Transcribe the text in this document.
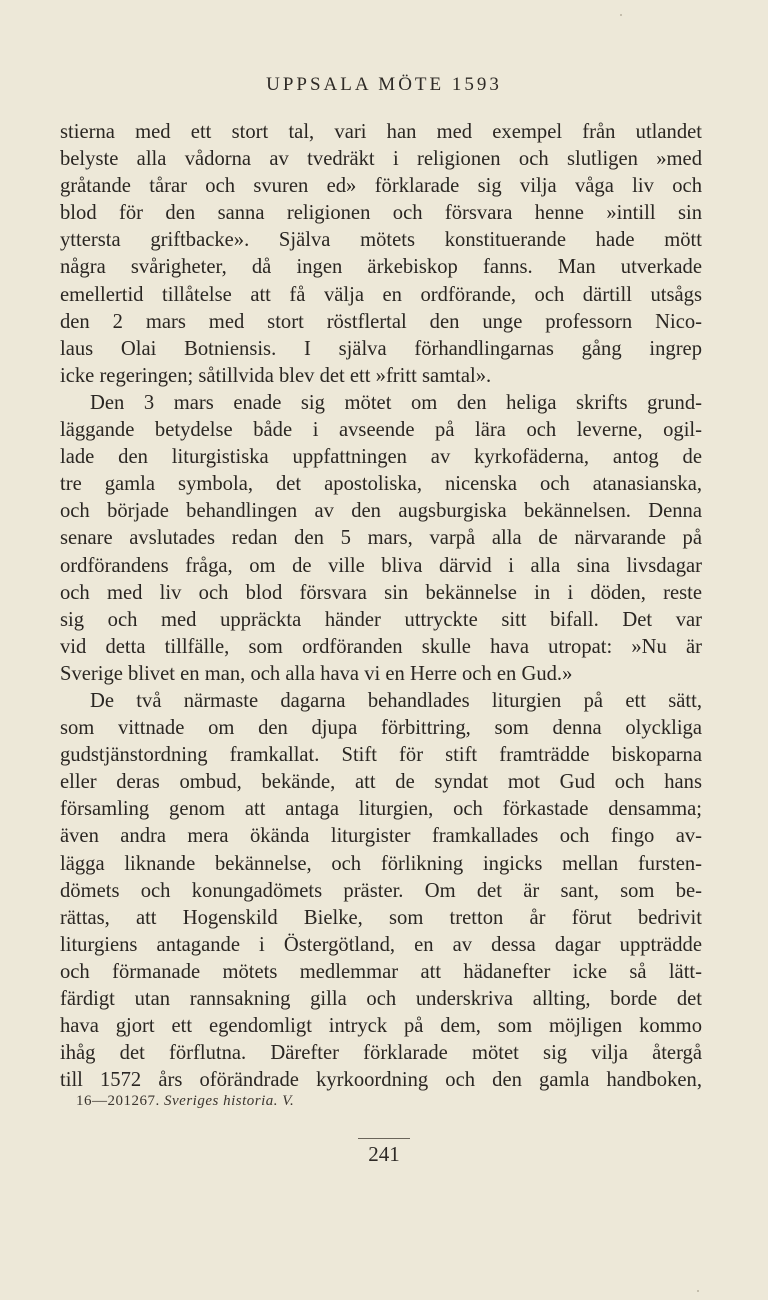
UPPSALA MÖTE 1593
stierna med ett stort tal, vari han med exempel från utlandet
belyste alla vådorna av tvedräkt i religionen och slutligen »med
gråtande tårar och svuren ed» förklarade sig vilja våga liv och
blod för den sanna religionen och försvara henne »intill sin
yttersta griftbacke». Själva mötets konstituerande hade mött
några svårigheter, då ingen ärkebiskop fanns. Man utverkade
emellertid tillåtelse att få välja en ordförande, och därtill utsågs
den 2 mars med stort röstflertal den unge professorn Nico-
laus Olai Botniensis. I själva förhandlingarnas gång ingrep
icke regeringen; såtillvida blev det ett »fritt samtal».
Den 3 mars enade sig mötet om den heliga skrifts grund-
läggande betydelse både i avseende på lära och leverne, ogil-
lade den liturgistiska uppfattningen av kyrkofäderna, antog de
tre gamla symbola, det apostoliska, nicenska och atanasianska,
och började behandlingen av den augsburgiska bekännelsen. Denna
senare avslutades redan den 5 mars, varpå alla de närvarande på
ordförandens fråga, om de ville bliva därvid i alla sina livsdagar
och med liv och blod försvara sin bekännelse in i döden, reste
sig och med uppräckta händer uttryckte sitt bifall. Det var
vid detta tillfälle, som ordföranden skulle hava utropat: »Nu är
Sverige blivet en man, och alla hava vi en Herre och en Gud.»
De två närmaste dagarna behandlades liturgien på ett sätt,
som vittnade om den djupa förbittring, som denna olyckliga
gudstjänstordning framkallat. Stift för stift framträdde biskoparna
eller deras ombud, bekände, att de syndat mot Gud och hans
församling genom att antaga liturgien, och förkastade densamma;
även andra mera ökända liturgister framkallades och fingo av-
lägga liknande bekännelse, och förlikning ingicks mellan fursten-
dömets och konungadömets präster. Om det är sant, som be-
rättas, att Hogenskild Bielke, som tretton år förut bedrivit
liturgiens antagande i Östergötland, en av dessa dagar uppträdde
och förmanade mötets medlemmar att hädanefter icke så lätt-
färdigt utan rannsakning gilla och underskriva allting, borde det
hava gjort ett egendomligt intryck på dem, som möjligen kommo
ihåg det förflutna. Därefter förklarade mötet sig vilja återgå
till 1572 års oförändrade kyrkoordning och den gamla handboken,
16—201267. Sveriges historia. V.
241
